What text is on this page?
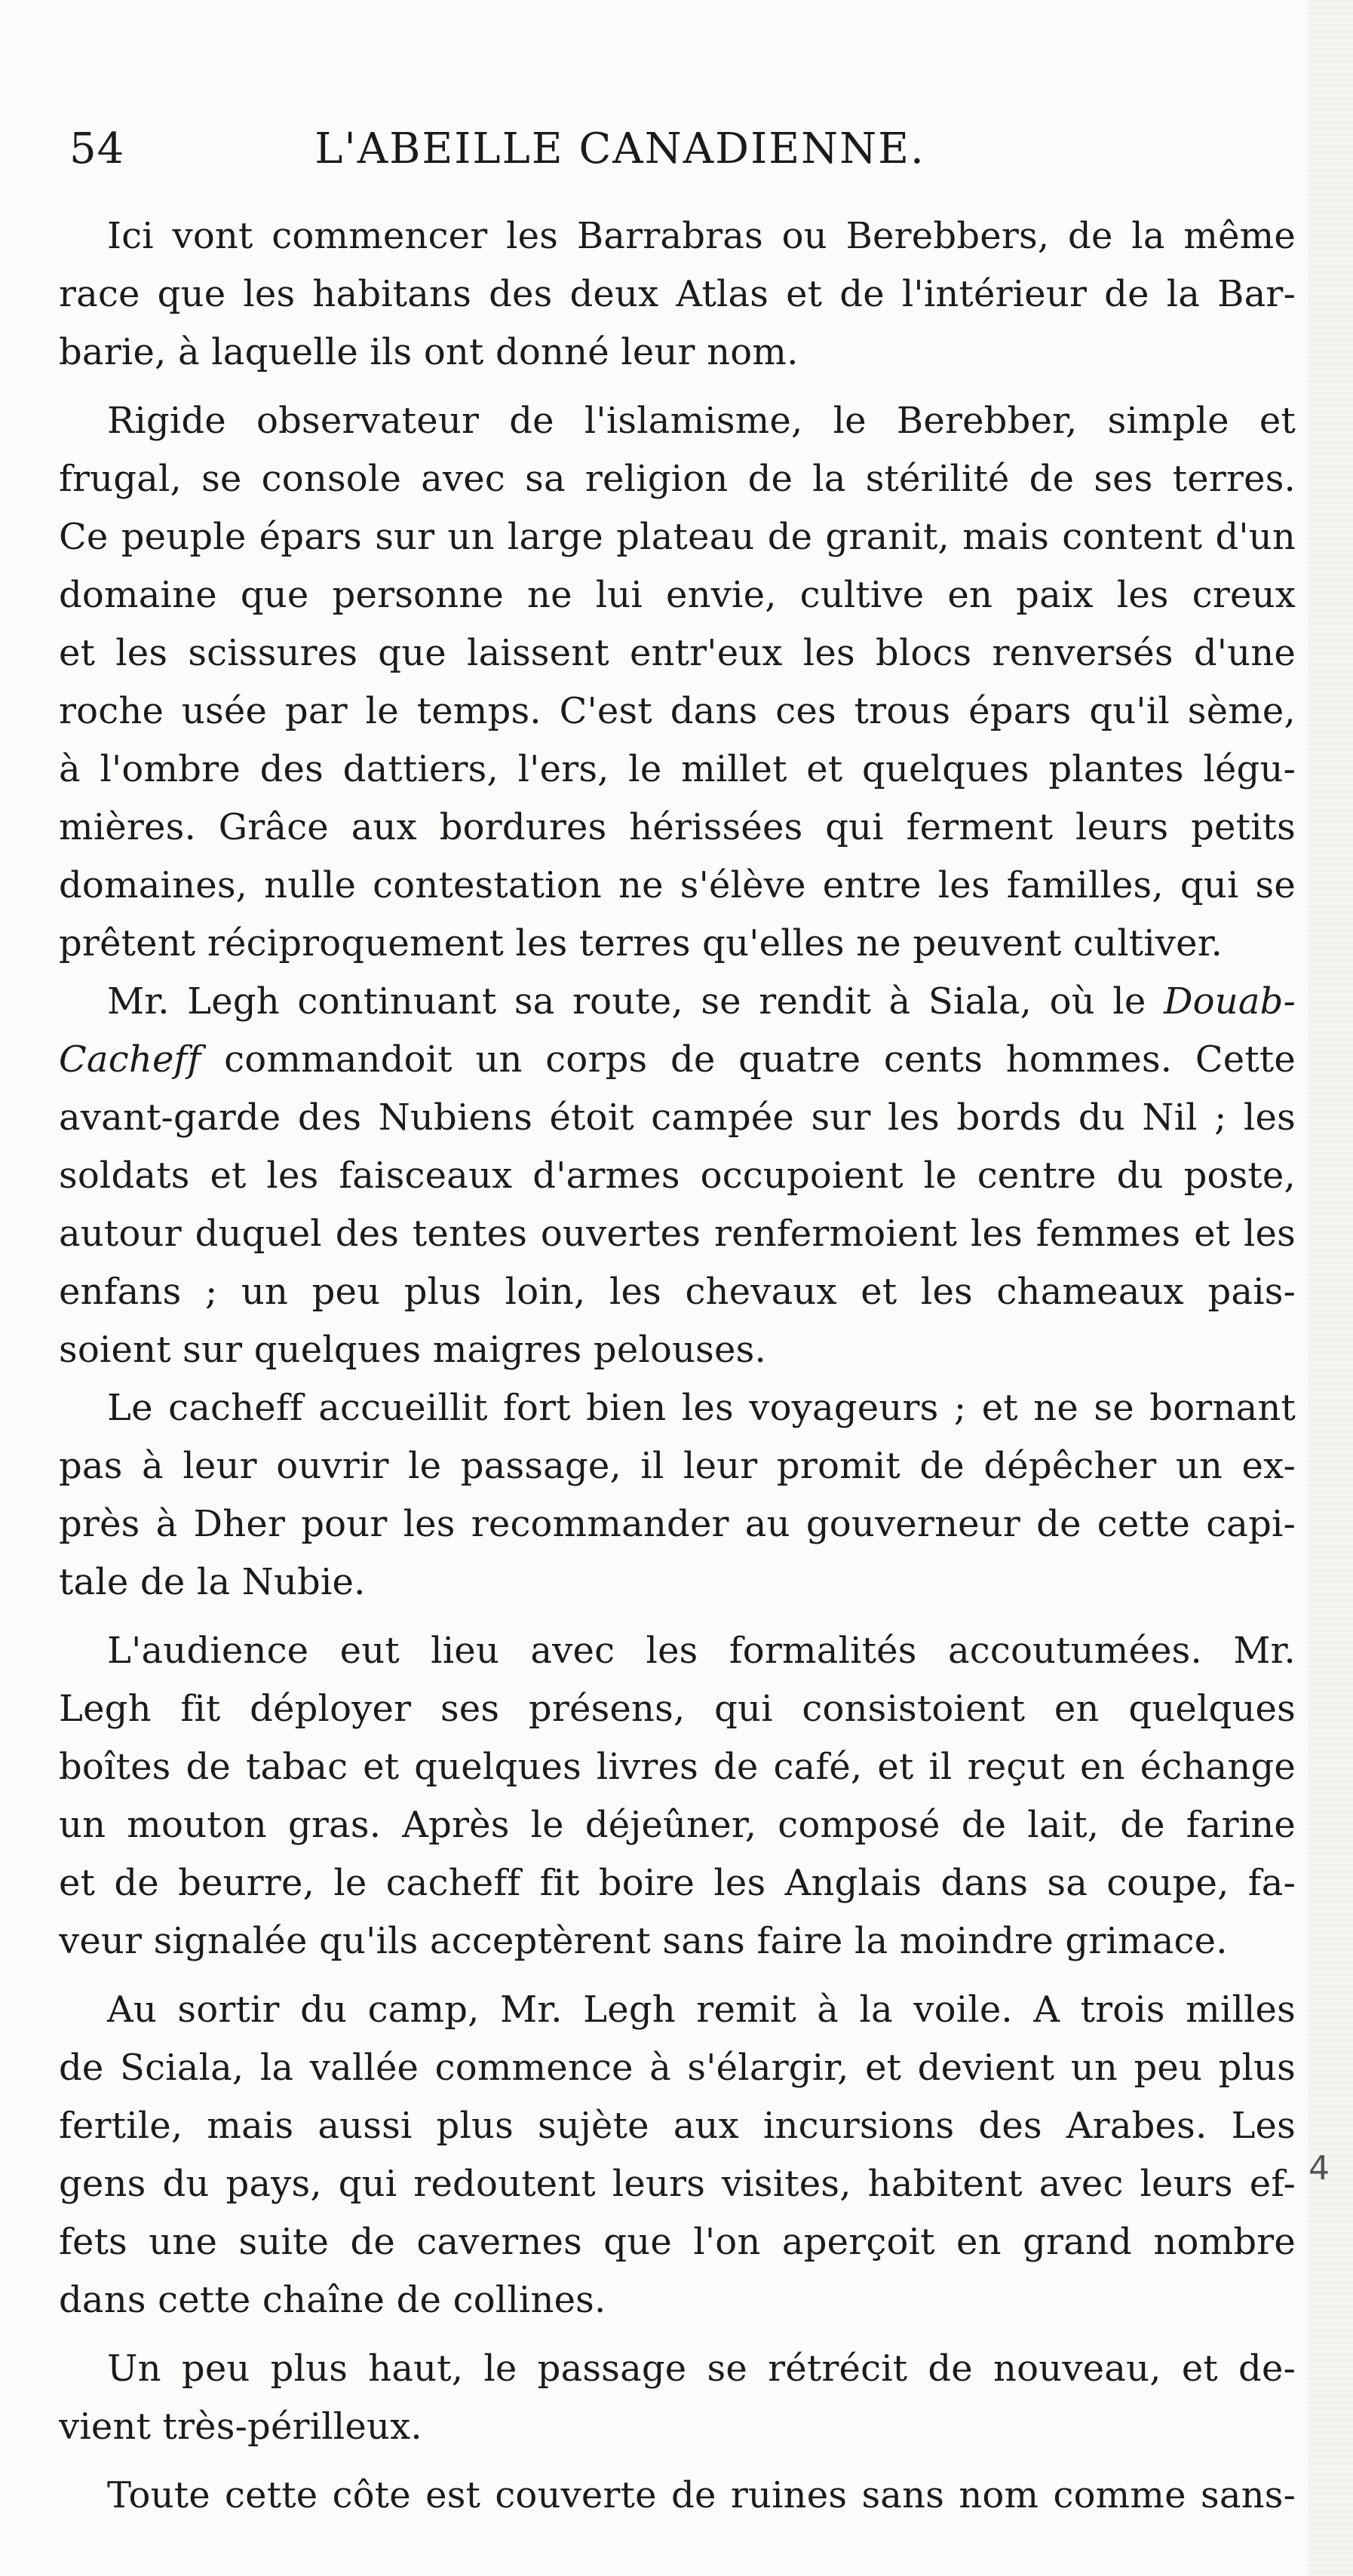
54	L'ABEILLE CANADIENNE.
Ici vont commencer les Barrabras ou Berebbers, de la même
race que les habitans des deux Atlas et de l'intérieur de la Bar-
barie, à laquelle ils ont donné leur nom.
Rigide observateur de l'islamisme, le Berebber, simple et
frugal, se console avec sa religion de la stérilité de ses terres.
Ce peuple épars sur un large plateau de granit, mais content d'un
domaine que personne ne lui envie, cultive en paix les creux
et les scissures que laissent entr'eux les blocs renversés d'une
roche usée par le temps. C'est dans ces trous épars qu'il sème,
à l'ombre des dattiers, l'ers, le millet et quelques plantes légu-
mières. Grâce aux bordures hérissées qui ferment leurs petits
domaines, nulle contestation ne s'élève entre les familles, qui se
prêtent réciproquement les terres qu'elles ne peuvent cultiver.
Mr. Legh continuant sa route, se rendit à Siala, où le Douab-
Cacheff commandoit un corps de quatre cents hommes. Cette
avant-garde des Nubiens étoit campée sur les bords du Nil ; les
soldats et les faisceaux d'armes occupoient le centre du poste,
autour duquel des tentes ouvertes renfermoient les femmes et les
enfans ; un peu plus loin, les chevaux et les chameaux pais-
soient sur quelques maigres pelouses.
Le cacheff accueillit fort bien les voyageurs ; et ne se bornant
pas à leur ouvrir le passage, il leur promit de dépêcher un ex-
près à Dher pour les recommander au gouverneur de cette capi-
tale de la Nubie.
L'audience eut lieu avec les formalités accoutumées. Mr.
Legh fit déployer ses présens, qui consistoient en quelques
boîtes de tabac et quelques livres de café, et il reçut en échange
un mouton gras. Après le déjeûner, composé de lait, de farine
et de beurre, le cacheff fit boire les Anglais dans sa coupe, fa-
veur signalée qu'ils acceptèrent sans faire la moindre grimace.
Au sortir du camp, Mr. Legh remit à la voile. A trois milles
de Sciala, la vallée commence à s'élargir, et devient un peu plus
fertile, mais aussi plus sujète aux incursions des Arabes. Les
gens du pays, qui redoutent leurs visites, habitent avec leurs ef-
fets une suite de cavernes que l'on aperçoit en grand nombre
dans cette chaîne de collines.
Un peu plus haut, le passage se rétrécit de nouveau, et de-
vient très-périlleux.
Toute cette côte est couverte de ruines sans nom comme sans-
4
